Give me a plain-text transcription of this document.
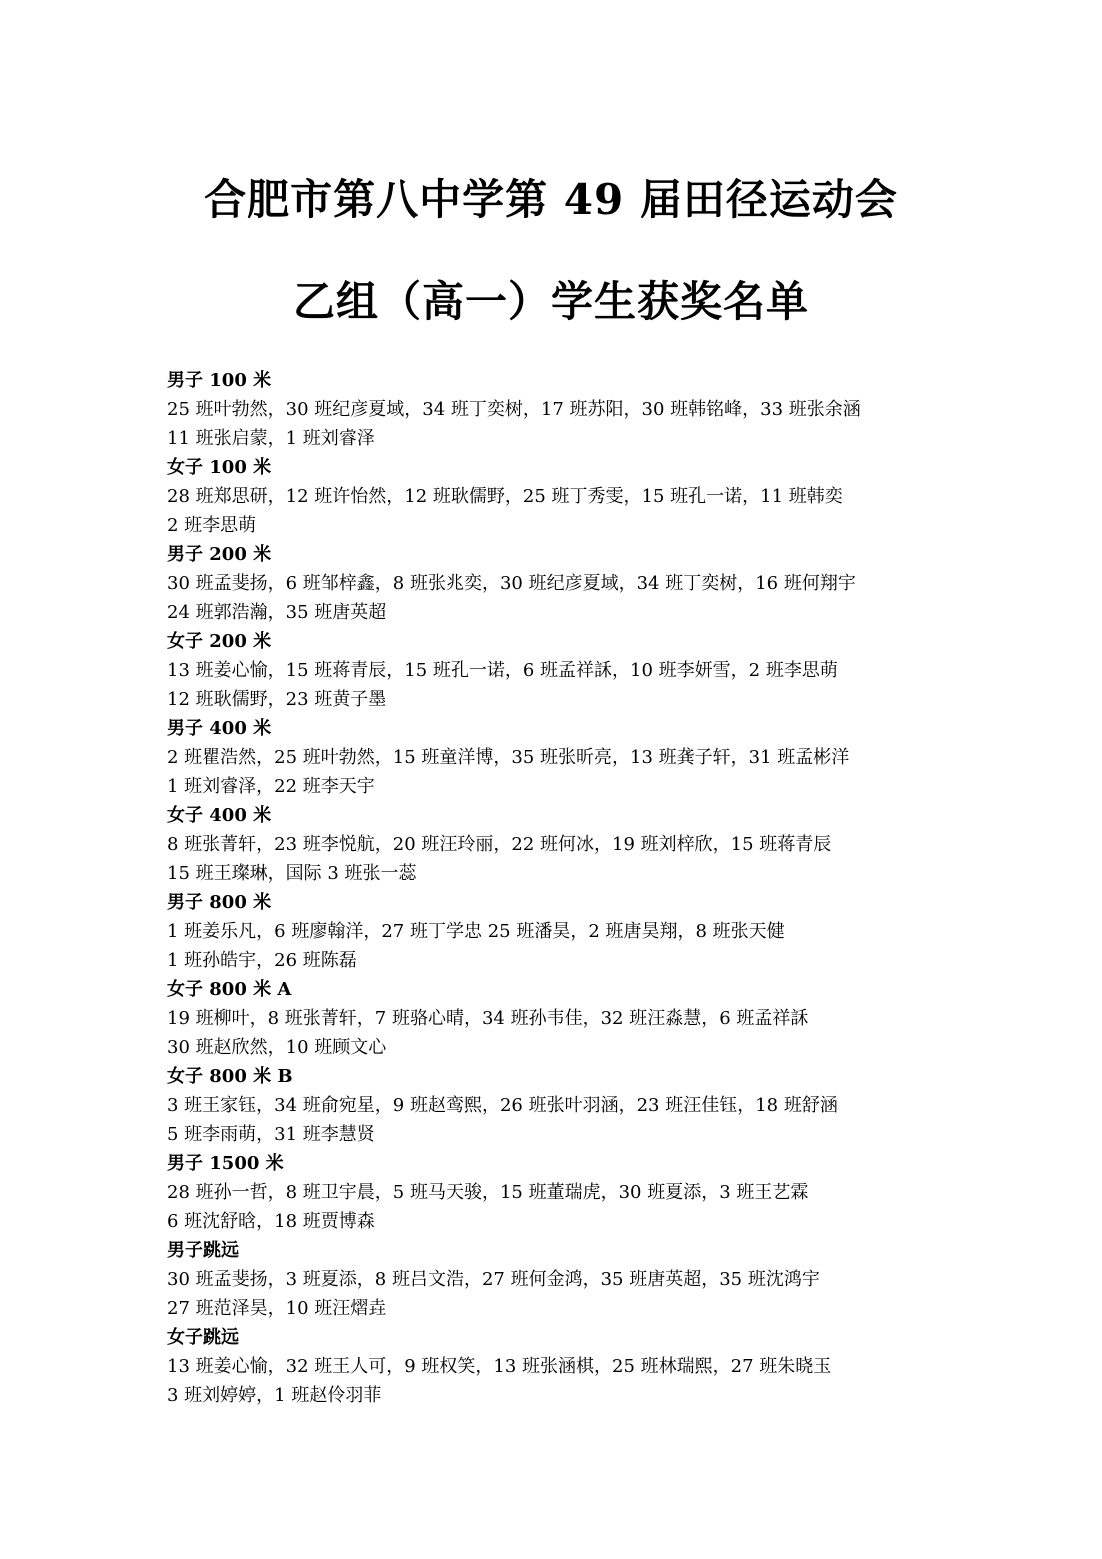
合肥市第八中学第 49 届田径运动会
乙组（高一）学生获奖名单
男子 100 米
25 班叶勃然，30 班纪彦夏域，34 班丁奕树，17 班苏阳，30 班韩铭峰，33 班张余涵
11 班张启蒙，1 班刘睿泽
女子 100 米
28 班郑思研，12 班许怡然，12 班耿儒野，25 班丁秀雯，15 班孔一诺，11 班韩奕
2 班李思萌
男子 200 米
30 班孟斐扬，6 班邹梓鑫，8 班张兆奕，30 班纪彦夏域，34 班丁奕树，16 班何翔宇
24 班郭浩瀚，35 班唐英超
女子 200 米
13 班姜心愉，15 班蒋青辰，15 班孔一诺，6 班孟祥訸，10 班李妍雪，2 班李思萌
12 班耿儒野，23 班黄子墨
男子 400 米
2 班瞿浩然，25 班叶勃然，15 班童洋博，35 班张昕亮，13 班龚子轩，31 班孟彬洋
1 班刘睿泽，22 班李天宇
女子 400 米
8 班张菁轩，23 班李悦航，20 班汪玲丽，22 班何冰，19 班刘梓欣，15 班蒋青辰
15 班王璨琳，国际 3 班张一蕊
男子 800 米
1 班姜乐凡，6 班廖翰洋，27 班丁学忠 25 班潘昊，2 班唐昊翔，8 班张天健
1 班孙皓宇，26 班陈磊
女子 800 米 A
19 班柳叶，8 班张菁轩，7 班骆心晴，34 班孙韦佳，32 班汪淼慧，6 班孟祥訸
30 班赵欣然，10 班顾文心
女子 800 米 B
3 班王家钰，34 班俞宛星，9 班赵鸾熙，26 班张叶羽涵，23 班汪佳钰，18 班舒涵
5 班李雨萌，31 班李慧贤
男子 1500 米
28 班孙一哲，8 班卫宇晨，5 班马天骏，15 班董瑞虎，30 班夏添，3 班王艺霖
6 班沈舒晗，18 班贾博森
男子跳远
30 班孟斐扬，3 班夏添，8 班吕文浩，27 班何金鸿，35 班唐英超，35 班沈鸿宇
27 班范泽昊，10 班汪熠垚
女子跳远
13 班姜心愉，32 班王人可，9 班权笑，13 班张涵棋，25 班林瑞熙，27 班朱晓玉
3 班刘婷婷，1 班赵伶羽菲
